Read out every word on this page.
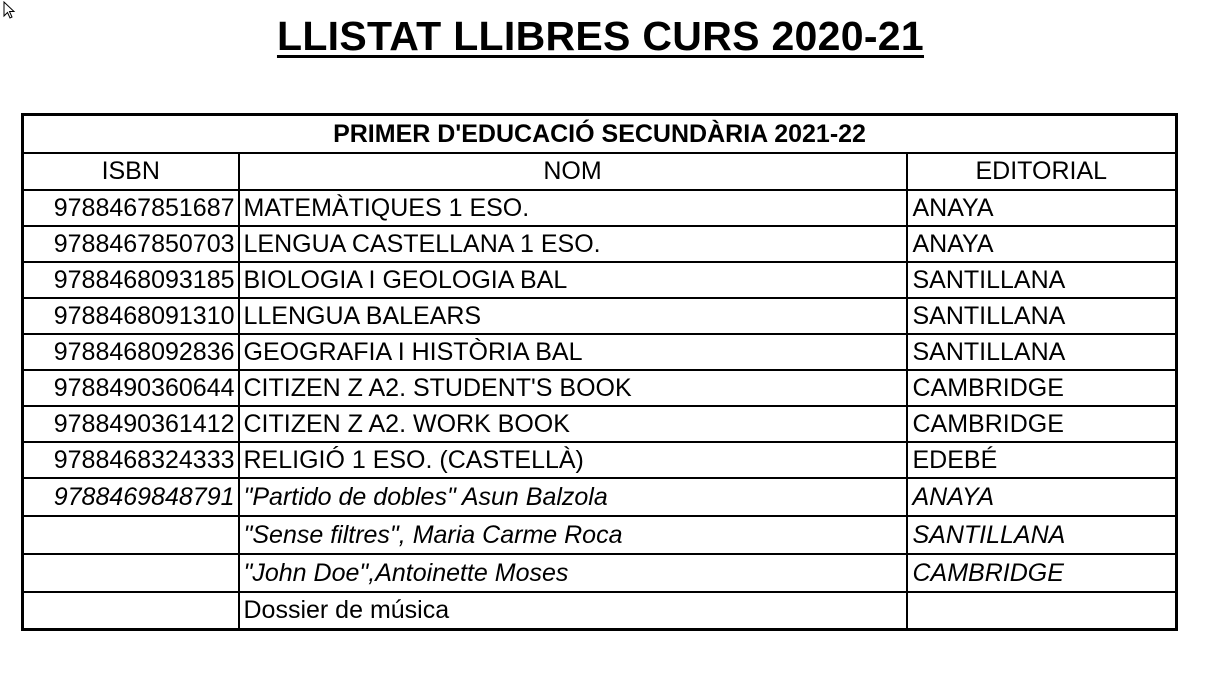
LLISTAT LLIBRES CURS 2020-21
PRIMER D'EDUCACIÓ SECUNDÀRIA 2021-22		
ISBN	NOM	EDITORIAL
9788467851687	MATEMÀTIQUES 1 ESO.	ANAYA
9788467850703	LENGUA CASTELLANA 1 ESO.	ANAYA
9788468093185	BIOLOGIA I GEOLOGIA BAL	SANTILLANA
9788468091310	LLENGUA BALEARS	SANTILLANA
9788468092836	GEOGRAFIA I HISTÒRIA BAL	SANTILLANA
9788490360644	CITIZEN Z A2. STUDENT'S BOOK	CAMBRIDGE
9788490361412	CITIZEN Z A2. WORK BOOK	CAMBRIDGE
9788468324333	RELIGIÓ 1 ESO. (CASTELLÀ)	EDEBÉ
9788469848791	"Partido de dobles" Asun Balzola	ANAYA
	"Sense filtres", Maria Carme Roca	SANTILLANA
	"John Doe",Antoinette Moses	CAMBRIDGE
	Dossier de música	
